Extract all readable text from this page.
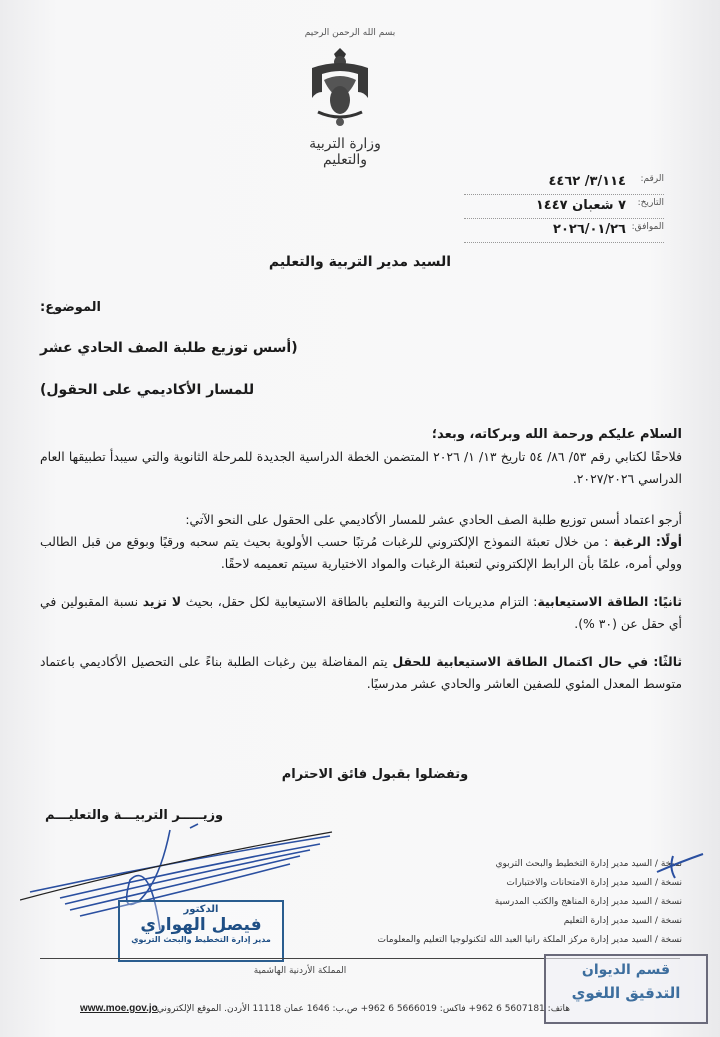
بسم الله الرحمن الرحيم
وزارة التربية والتعليم
الرقم:
٣/١١٤/ ٤٤٦٢
التاريخ:
٧ شعبان ١٤٤٧
الموافق:
٢٠٢٦/٠١/٢٦
السيد مدير التربية والتعليم
الموضوع:
(أسس توزيع طلبة الصف الحادي عشر
للمسار الأكاديمي على الحقول)
السلام عليكم ورحمة الله وبركاته، وبعد؛
فلاحقًا لكتابي رقم ٥٣/ ٨٦/ ٥٤ تاريخ ١٣/ ١/ ٢٠٢٦ المتضمن الخطة الدراسية الجديدة للمرحلة الثانوية والتي سيبدأ تطبيقها العام الدراسي ٢٠٢٧/٢٠٢٦.
أرجو اعتماد أسس توزيع طلبة الصف الحادي عشر للمسار الأكاديمي على الحقول على النحو الآتي:
أولًا: الرغبة : من خلال تعبئة النموذج الإلكتروني للرغبات مُرتبًا حسب الأولوية بحيث يتم سحبه ورقيًا وبوقع من قبل الطالب وولي أمره، علمًا بأن الرابط الإلكتروني لتعبئة الرغبات والمواد الاختيارية سيتم تعميمه لاحقًا.
ثانيًا: الطاقة الاستيعابية: التزام مديريات التربية والتعليم بالطاقة الاستيعابية لكل حقل، بحيث لا تزيد نسبة المقبولين في أي حقل عن (٣٠ %).
ثالثًا: في حال اكتمال الطاقة الاستيعابية للحقل يتم المفاضلة بين رغبات الطلبة بناءً على التحصيل الأكاديمي باعتماد متوسط المعدل المئوي للصفين العاشر والحادي عشر مدرسيًا.
وتفضلوا بقبول فائق الاحترام
وزيـــــر التربيـــة والتعليـــم
الدكتور
فيصل الهواري
مدير إدارة التخطيط والبحث التربوي
نسخة / السيد مدير إدارة التخطيط والبحث التربوي
نسخة / السيد مدير إدارة الامتحانات والاختبارات
نسخة / السيد مدير إدارة المناهج والكتب المدرسية
نسخة / السيد مدير إدارة التعليم
نسخة / السيد مدير إدارة مركز الملكة رانيا العبد الله لتكنولوجيا التعليم والمعلومات
قسم الديوان
التدقيق اللغوي
المملكة الأردنية الهاشمية
هاتف: 5607181 6 962+ فاكس: 5666019 6 962+ ص.ب: 1646 عمان 11118 الأردن. الموقع الإلكتروني:
www.moe.gov.jo
